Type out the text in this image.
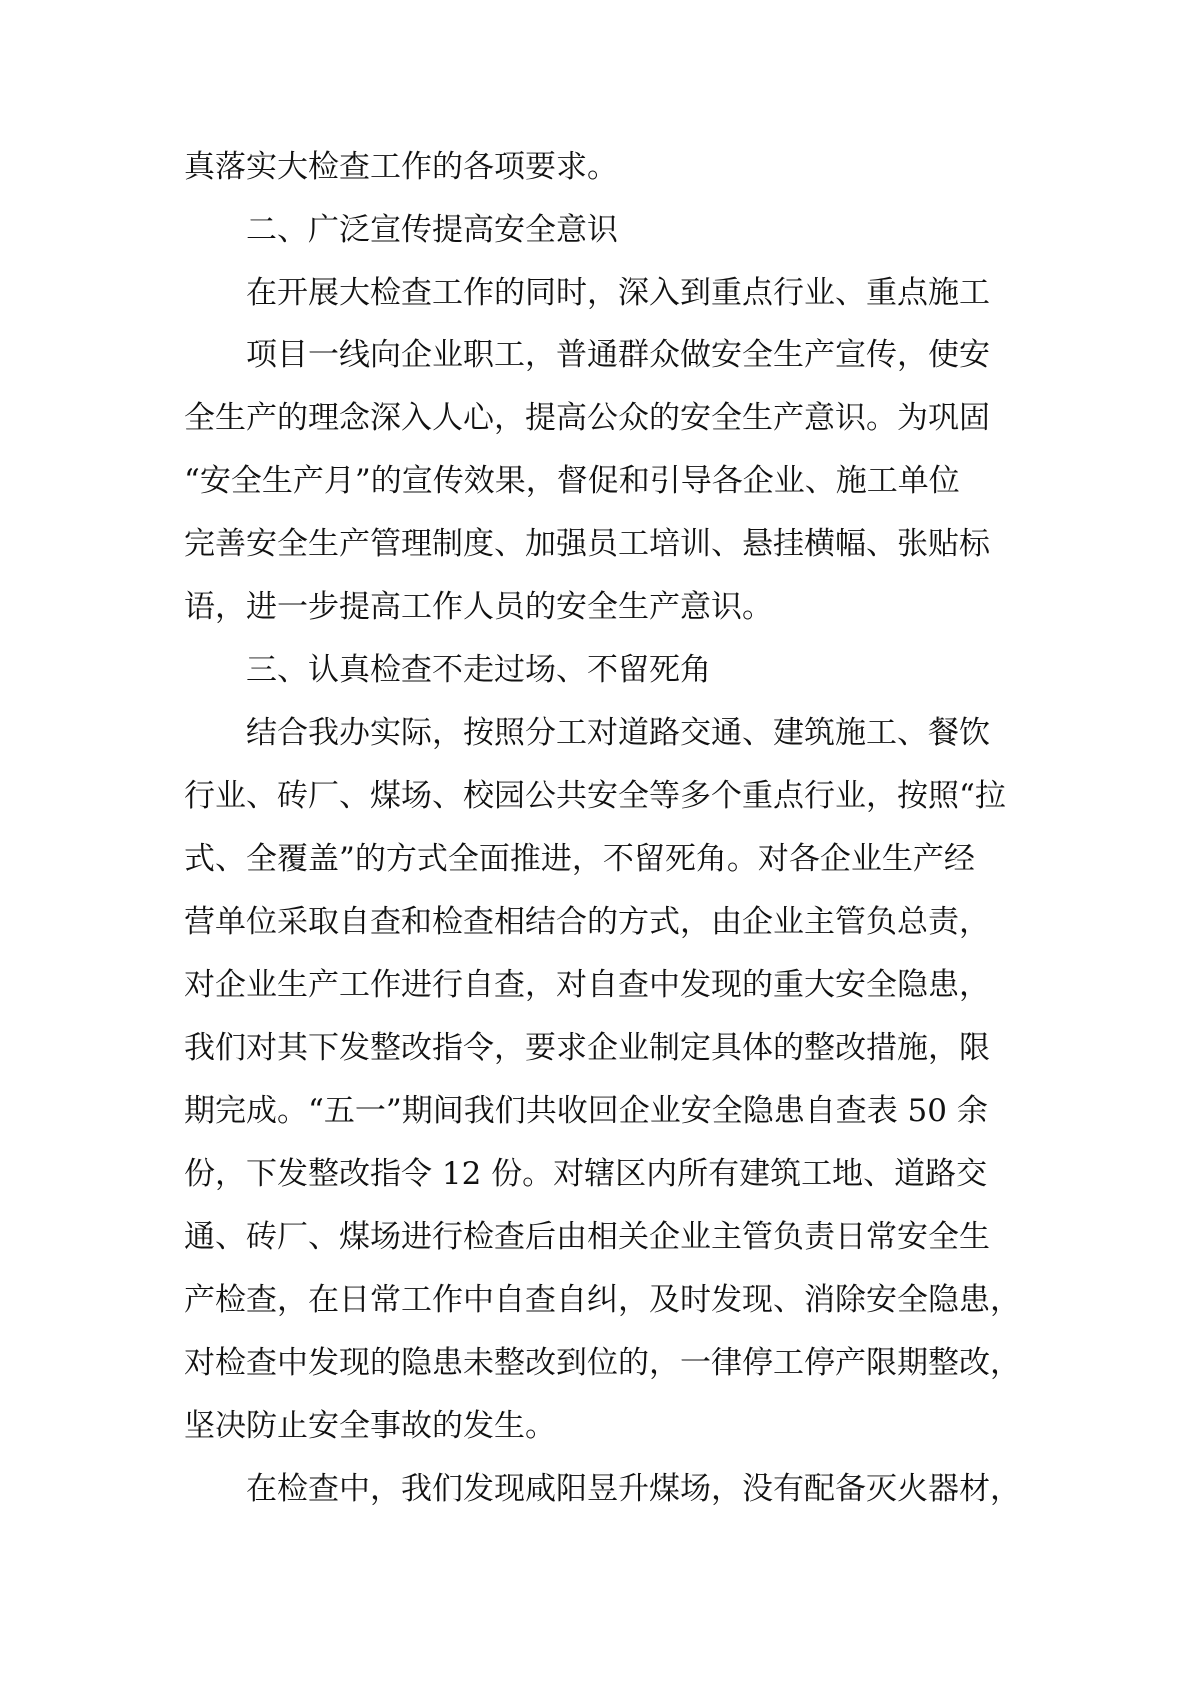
真落实大检查工作的各项要求。
二、广泛宣传提高安全意识
在开展大检查工作的同时，深入到重点行业、重点施工
项目一线向企业职工，普通群众做安全生产宣传，使安
全生产的理念深入人心，提高公众的安全生产意识。为巩固
“安全生产月”的宣传效果，督促和引导各企业、施工单位
完善安全生产管理制度、加强员工培训、悬挂横幅、张贴标
语，进一步提高工作人员的安全生产意识。
三、认真检查不走过场、不留死角
结合我办实际，按照分工对道路交通、建筑施工、餐饮
行业、砖厂、煤场、校园公共安全等多个重点行业，按照“拉
式、全覆盖”的方式全面推进，不留死角。对各企业生产经
营单位采取自查和检查相结合的方式，由企业主管负总责，
对企业生产工作进行自查，对自查中发现的重大安全隐患，
我们对其下发整改指令，要求企业制定具体的整改措施，限
期完成。“五一”期间我们共收回企业安全隐患自查表 50 余
份，下发整改指令 12 份。对辖区内所有建筑工地、道路交
通、砖厂、煤场进行检查后由相关企业主管负责日常安全生
产检查，在日常工作中自查自纠，及时发现、消除安全隐患，
对检查中发现的隐患未整改到位的，一律停工停产限期整改，
坚决防止安全事故的发生。
在检查中，我们发现咸阳昱升煤场，没有配备灭火器材，
